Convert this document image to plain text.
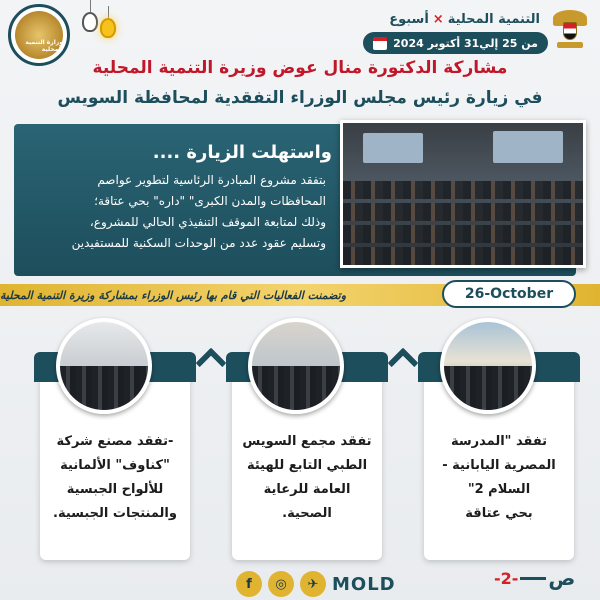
وزارة التنمية المحلية
التنمية المحلية
×
أسبوع
من 25 إلي31 أكتوبر 2024
مشاركة الدكتورة منال عوض وزيرة التنمية المحلية
في زيارة رئيس مجلس الوزراء التفقدية لمحافظة السويس
واستهلت الزيارة ....
بتفقد مشروع المبادرة الرئاسية لتطوير عواصم
المحافظات والمدن الكبرى" "داره" بحي عتاقة؛
وذلك لمتابعة الموقف التنفيذي الحالي للمشروع،
وتسليم عقود عدد من الوحدات السكنية للمستفيدين
وتضمنت الفعاليات التي قام بها رئيس الوزراء بمشاركة وزيرة التنمية المحلية	26-October
تفقد "المدرسة
المصرية اليابانية -
السلام 2"
بحي عتاقة
تفقد مجمع السويس
الطبي التابع للهيئة
العامة للرعاية
الصحية.
-تفقد مصنع شركة
"كناوف" الألمانية
للألواح الجبسية
والمنتجات الجبسية.
f	◎	✈ MOLD	-2- ص
